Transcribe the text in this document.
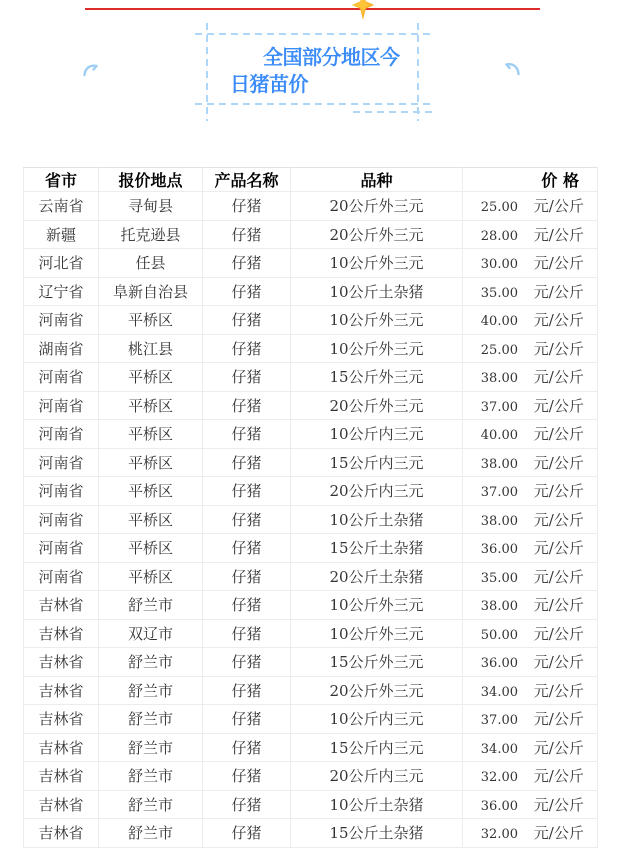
全国部分地区今
日猪苗价
省市	报价地点	产品名称	品种	价 格
云南省	寻甸县	仔猪	20公斤外三元	25.00 元/公斤
新疆	托克逊县	仔猪	20公斤外三元	28.00 元/公斤
河北省	任县	仔猪	10公斤外三元	30.00 元/公斤
辽宁省	阜新自治县	仔猪	10公斤土杂猪	35.00 元/公斤
河南省	平桥区	仔猪	10公斤外三元	40.00 元/公斤
湖南省	桃江县	仔猪	10公斤外三元	25.00 元/公斤
河南省	平桥区	仔猪	15公斤外三元	38.00 元/公斤
河南省	平桥区	仔猪	20公斤外三元	37.00 元/公斤
河南省	平桥区	仔猪	10公斤内三元	40.00 元/公斤
河南省	平桥区	仔猪	15公斤内三元	38.00 元/公斤
河南省	平桥区	仔猪	20公斤内三元	37.00 元/公斤
河南省	平桥区	仔猪	10公斤土杂猪	38.00 元/公斤
河南省	平桥区	仔猪	15公斤土杂猪	36.00 元/公斤
河南省	平桥区	仔猪	20公斤土杂猪	35.00 元/公斤
吉林省	舒兰市	仔猪	10公斤外三元	38.00 元/公斤
吉林省	双辽市	仔猪	10公斤外三元	50.00 元/公斤
吉林省	舒兰市	仔猪	15公斤外三元	36.00 元/公斤
吉林省	舒兰市	仔猪	20公斤外三元	34.00 元/公斤
吉林省	舒兰市	仔猪	10公斤内三元	37.00 元/公斤
吉林省	舒兰市	仔猪	15公斤内三元	34.00 元/公斤
吉林省	舒兰市	仔猪	20公斤内三元	32.00 元/公斤
吉林省	舒兰市	仔猪	10公斤土杂猪	36.00 元/公斤
吉林省	舒兰市	仔猪	15公斤土杂猪	32.00 元/公斤
